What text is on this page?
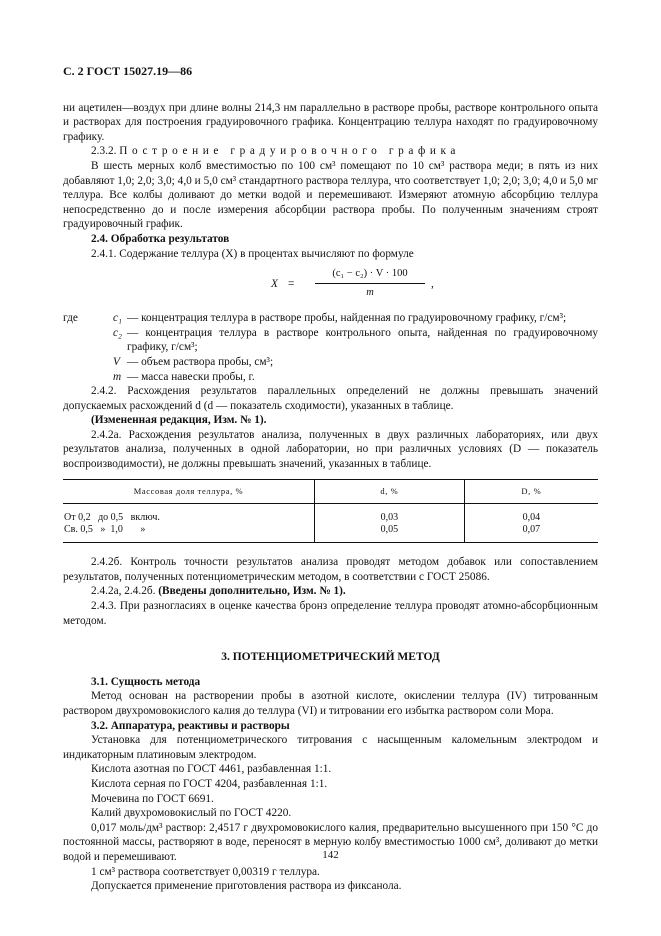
С. 2 ГОСТ 15027.19—86

ни ацетилен—воздух при длине волны 214,3 нм параллельно в растворе пробы, растворе контрольного опыта и растворах для построения градуировочного графика. Концентрацию теллура находят по градуировочному графику.

2.3.2. Построение градуировочного графика

В шесть мерных колб вместимостью по 100 см³ помещают по 10 см³ раствора меди; в пять из них добавляют 1,0; 2,0; 3,0; 4,0 и 5,0 см³ стандартного раствора теллура, что соответствует 1,0; 2,0; 3,0; 4,0 и 5,0 мг теллура. Все колбы доливают до метки водой и перемешивают. Измеряют атомную абсорбцию теллура непосредственно до и после измерения абсорбции раствора пробы. По полученным значениям строят градуировочный график.

2.4. Обработка результатов

2.4.1. Содержание теллура (X) в процентах вычисляют по формуле

X =
(c₁ − c₂) · V · 100
m
,
где	c₁ — концентрация теллура в растворе пробы, найденная по градуировочному графику, г/см³;
c₂ — концентрация теллура в растворе контрольного опыта, найденная по градуировочному графику, г/см³;
V — объем раствора пробы, см³;
m — масса навески пробы, г.

2.4.2. Расхождения результатов параллельных определений не должны превышать значений допускаемых расхождений d (d — показатель сходимости), указанных в таблице.

(Измененная редакция, Изм. № 1).

2.4.2а. Расхождения результатов анализа, полученных в двух различных лабораториях, или двух результатов анализа, полученных в одной лаборатории, но при различных условиях (D — показатель воспроизводимости), не должны превышать значений, указанных в таблице.

Массовая доля теллура, %	d, %	D, %
От 0,2   до 0,5   включ.	0,03	0,04
Св. 0,5   »  1,0       »	0,05	0,07

2.4.2б. Контроль точности результатов анализа проводят методом добавок или сопоставлением результатов, полученных потенциометрическим методом, в соответствии с ГОСТ 25086.

2.4.2а, 2.4.2б. (Введены дополнительно, Изм. № 1).

2.4.3. При разногласиях в оценке качества бронз определение теллура проводят атомно-абсорбционным методом.

3. ПОТЕНЦИОМЕТРИЧЕСКИЙ МЕТОД

3.1. Сущность метода

Метод основан на растворении пробы в азотной кислоте, окислении теллура (IV) титрованным раствором двухромовокислого калия до теллура (VI) и титровании его избытка раствором соли Мора.

3.2. Аппаратура, реактивы и растворы

Установка для потенциометрического титрования с насыщенным каломельным электродом и индикаторным платиновым электродом.

Кислота азотная по ГОСТ 4461, разбавленная 1:1.

Кислота серная по ГОСТ 4204, разбавленная 1:1.

Мочевина по ГОСТ 6691.

Калий двухромовокислый по ГОСТ 4220.

0,017 моль/дм³ раствор: 2,4517 г двухромовокислого калия, предварительно высушенного при 150 °С до постоянной массы, растворяют в воде, переносят в мерную колбу вместимостью 1000 см³, доливают до метки водой и перемешивают.

1 см³ раствора соответствует 0,00319 г теллура.

Допускается применение приготовления раствора из фиксанола.

142
